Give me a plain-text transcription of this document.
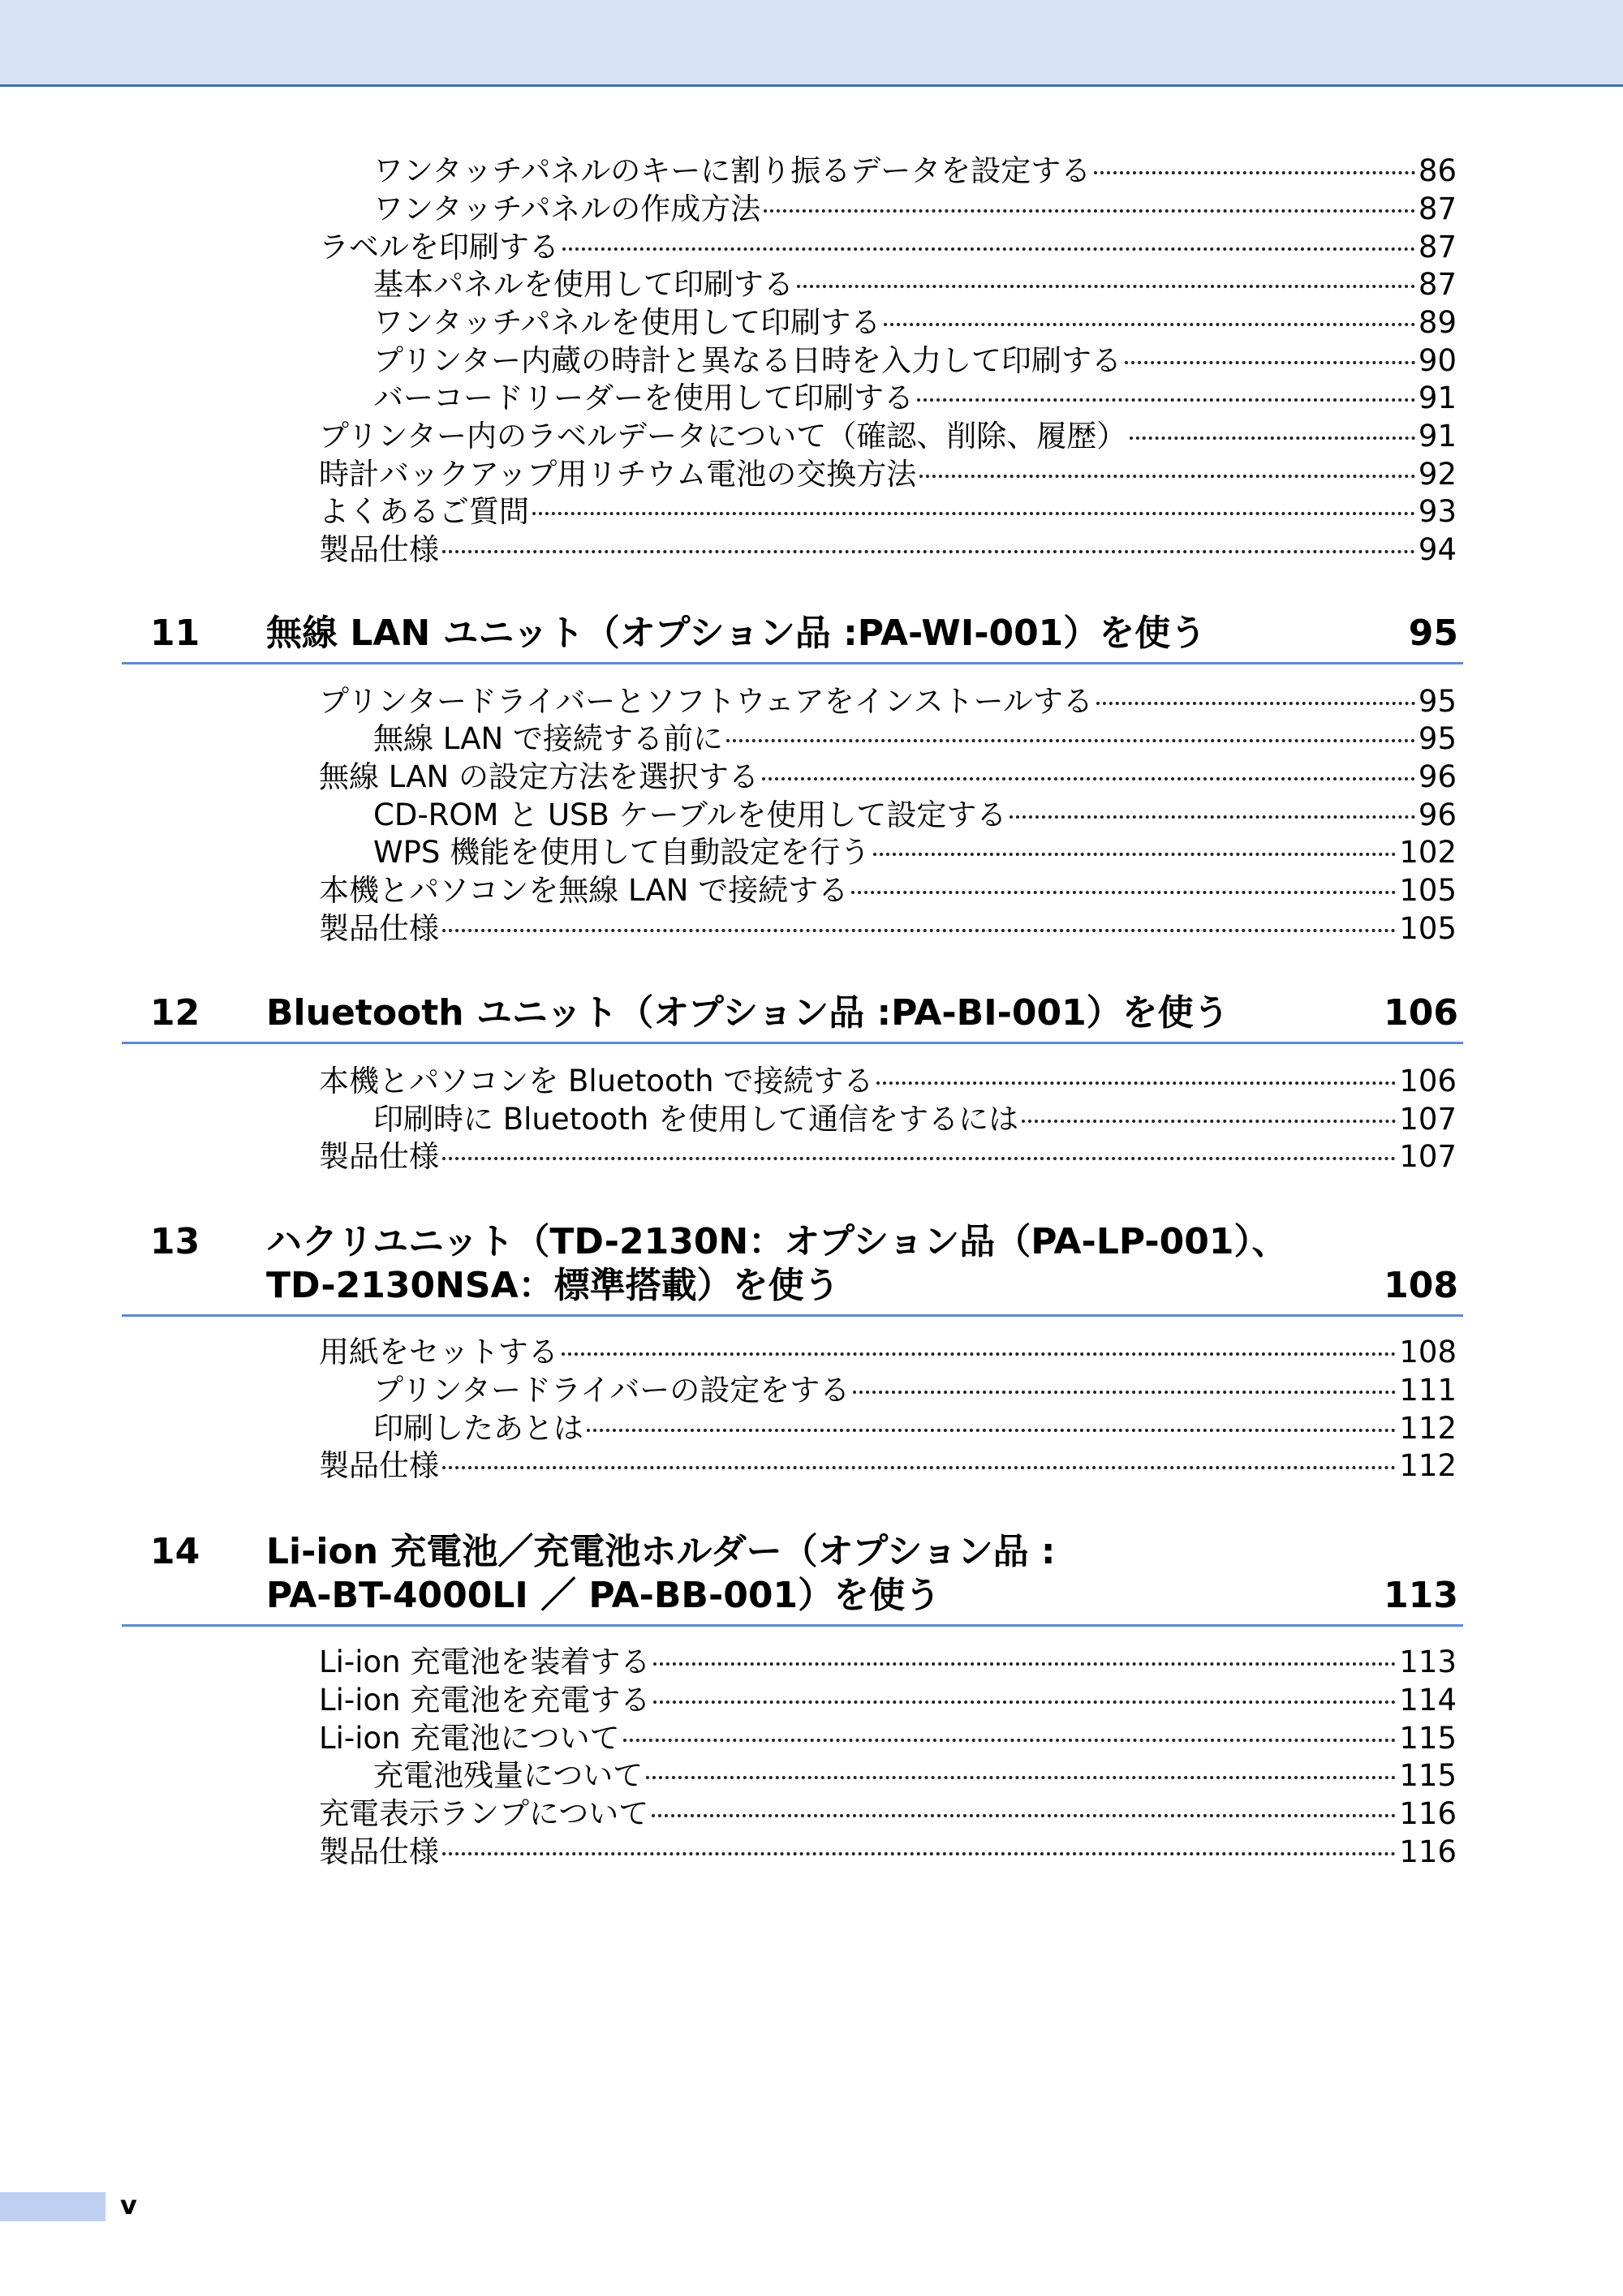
ワンタッチパネルのキーに割り振るデータを設定する	86
ワンタッチパネルの作成方法	87
ラベルを印刷する	87
基本パネルを使用して印刷する	87
ワンタッチパネルを使用して印刷する	89
プリンター内蔵の時計と異なる日時を入力して印刷する	90
バーコードリーダーを使用して印刷する	91
プリンター内のラベルデータについて（確認、削除、履歴）	91
時計バックアップ用リチウム電池の交換方法	92
よくあるご質問	93
製品仕様	94
11 無線 LAN ユニット（オプション品 :PA-WI-001）を使う	95
プリンタードライバーとソフトウェアをインストールする	95
無線 LAN で接続する前に	95
無線 LAN の設定方法を選択する	96
CD-ROM と USB ケーブルを使用して設定する	96
WPS 機能を使用して自動設定を行う	102
本機とパソコンを無線 LAN で接続する	105
製品仕様	105
12 Bluetooth ユニット（オプション品 :PA-BI-001）を使う	106
本機とパソコンを Bluetooth で接続する	106
印刷時に Bluetooth を使用して通信をするには	107
製品仕様	107
13 ハクリユニット（TD-2130N：オプション品（PA-LP-001）、
TD-2130NSA：標準搭載）を使う	108
用紙をセットする	108
プリンタードライバーの設定をする	111
印刷したあとは	112
製品仕様	112
14 Li-ion 充電池／充電池ホルダー（オプション品 :
PA-BT-4000LI ／ PA-BB-001）を使う	113
Li-ion 充電池を装着する	113
Li-ion 充電池を充電する	114
Li-ion 充電池について	115
充電池残量について	115
充電表示ランプについて	116
製品仕様	116
v
